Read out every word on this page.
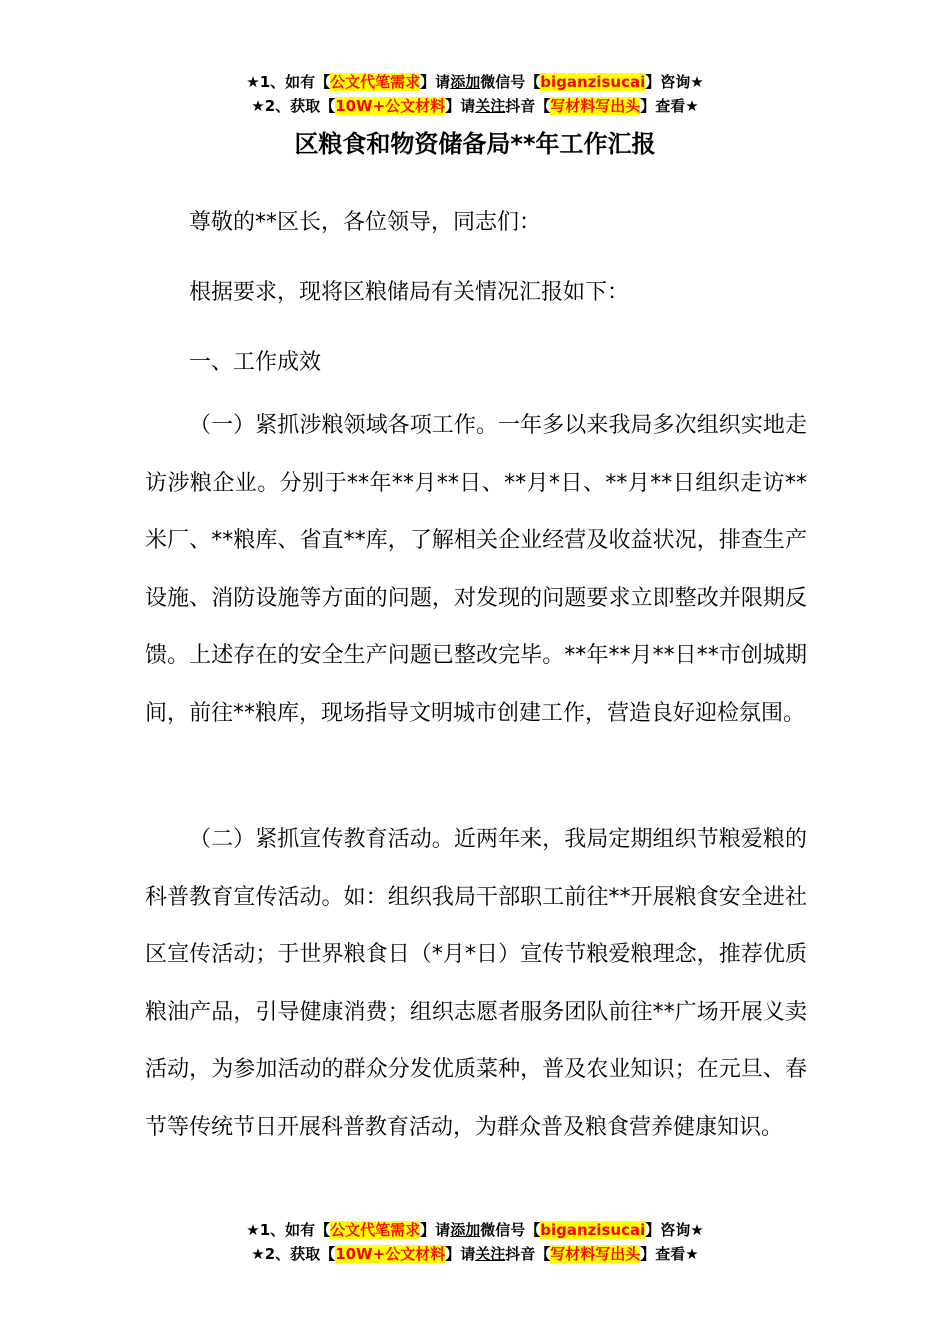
★1、如有【公文代笔需求】请添加微信号【biganzisucai】咨询★
★2、获取【10W+公文材料】请关注抖音【写材料写出头】查看★
区粮食和物资储备局**年工作汇报

尊敬的**区长，各位领导，同志们：

根据要求，现将区粮储局有关情况汇报如下：

一、工作成效

（一）紧抓涉粮领域各项工作。一年多以来我局多次组织实地走访涉粮企业。分别于**年**月**日、**月*日、**月**日组织走访**米厂、**粮库、省直**库，了解相关企业经营及收益状况，排查生产设施、消防设施等方面的问题，对发现的问题要求立即整改并限期反馈。上述存在的安全生产问题已整改完毕。**年**月**日**市创城期间，前往**粮库，现场指导文明城市创建工作，营造良好迎检氛围。

（二）紧抓宣传教育活动。近两年来，我局定期组织节粮爱粮的科普教育宣传活动。如：组织我局干部职工前往**开展粮食安全进社区宣传活动；于世界粮食日（*月*日）宣传节粮爱粮理念，推荐优质粮油产品，引导健康消费；组织志愿者服务团队前往**广场开展义卖活动，为参加活动的群众分发优质菜种，普及农业知识；在元旦、春节等传统节日开展科普教育活动，为群众普及粮食营养健康知识。

★1、如有【公文代笔需求】请添加微信号【biganzisucai】咨询★
★2、获取【10W+公文材料】请关注抖音【写材料写出头】查看★
